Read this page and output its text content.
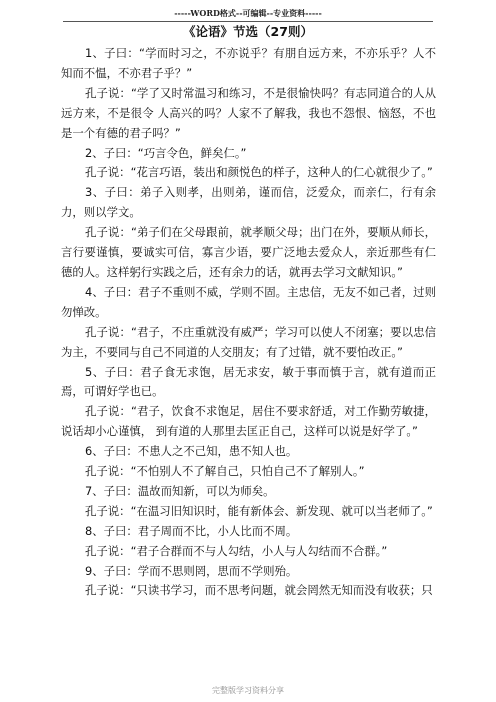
-----WORD格式--可编辑--专业资料-----
《论语》节选（27则）

1、子曰：“学而时习之，不亦说乎？有朋自远方来，不亦乐乎？人不知而不愠，不亦君子乎？”

孔子说：“学了又时常温习和练习，不是很愉快吗？有志同道合的人从远方来，不是很令 人高兴的吗？人家不了解我，我也不怨恨、恼怒，不也是一个有德的君子吗？”

2、子曰：“巧言令色，鲜矣仁。”

孔子说：“花言巧语，装出和颜悦色的样子，这种人的仁心就很少了。”

3、子曰：弟子入则孝，出则弟，谨而信，泛爱众，而亲仁，行有余力，则以学文。

孔子说：“弟子们在父母跟前，就孝顺父母；出门在外，要顺从师长，言行要谨慎，要诚实可信，寡言少语，要广泛地去爱众人，亲近那些有仁德的人。这样躬行实践之后，还有余力的话，就再去学习文献知识。”

4、子曰：君子不重则不威，学则不固。主忠信，无友不如己者，过则勿惮改。

孔子说：“君子，不庄重就没有威严；学习可以使人不闭塞；要以忠信为主，不要同与自己不同道的人交朋友；有了过错，就不要怕改正。”

5、子曰：君子食无求饱，居无求安，敏于事而慎于言，就有道而正焉，可谓好学也已。

孔子说：“君子，饮食不求饱足，居住不要求舒适，对工作勤劳敏捷，说话却小心谨慎， 到有道的人那里去匡正自己，这样可以说是好学了。”

6、子曰：不患人之不己知，患不知人也。

孔子说：“不怕别人不了解自己，只怕自己不了解别人。”

7、子曰：温故而知新，可以为师矣。

孔子说：“在温习旧知识时，能有新体会、新发现、就可以当老师了。”

8、子曰：君子周而不比，小人比而不周。

孔子说：“君子合群而不与人勾结，小人与人勾结而不合群。”

9、子曰：学而不思则罔，思而不学则殆。

孔子说：“只读书学习，而不思考问题，就会罔然无知而没有收获；只

完整版学习资料分享
